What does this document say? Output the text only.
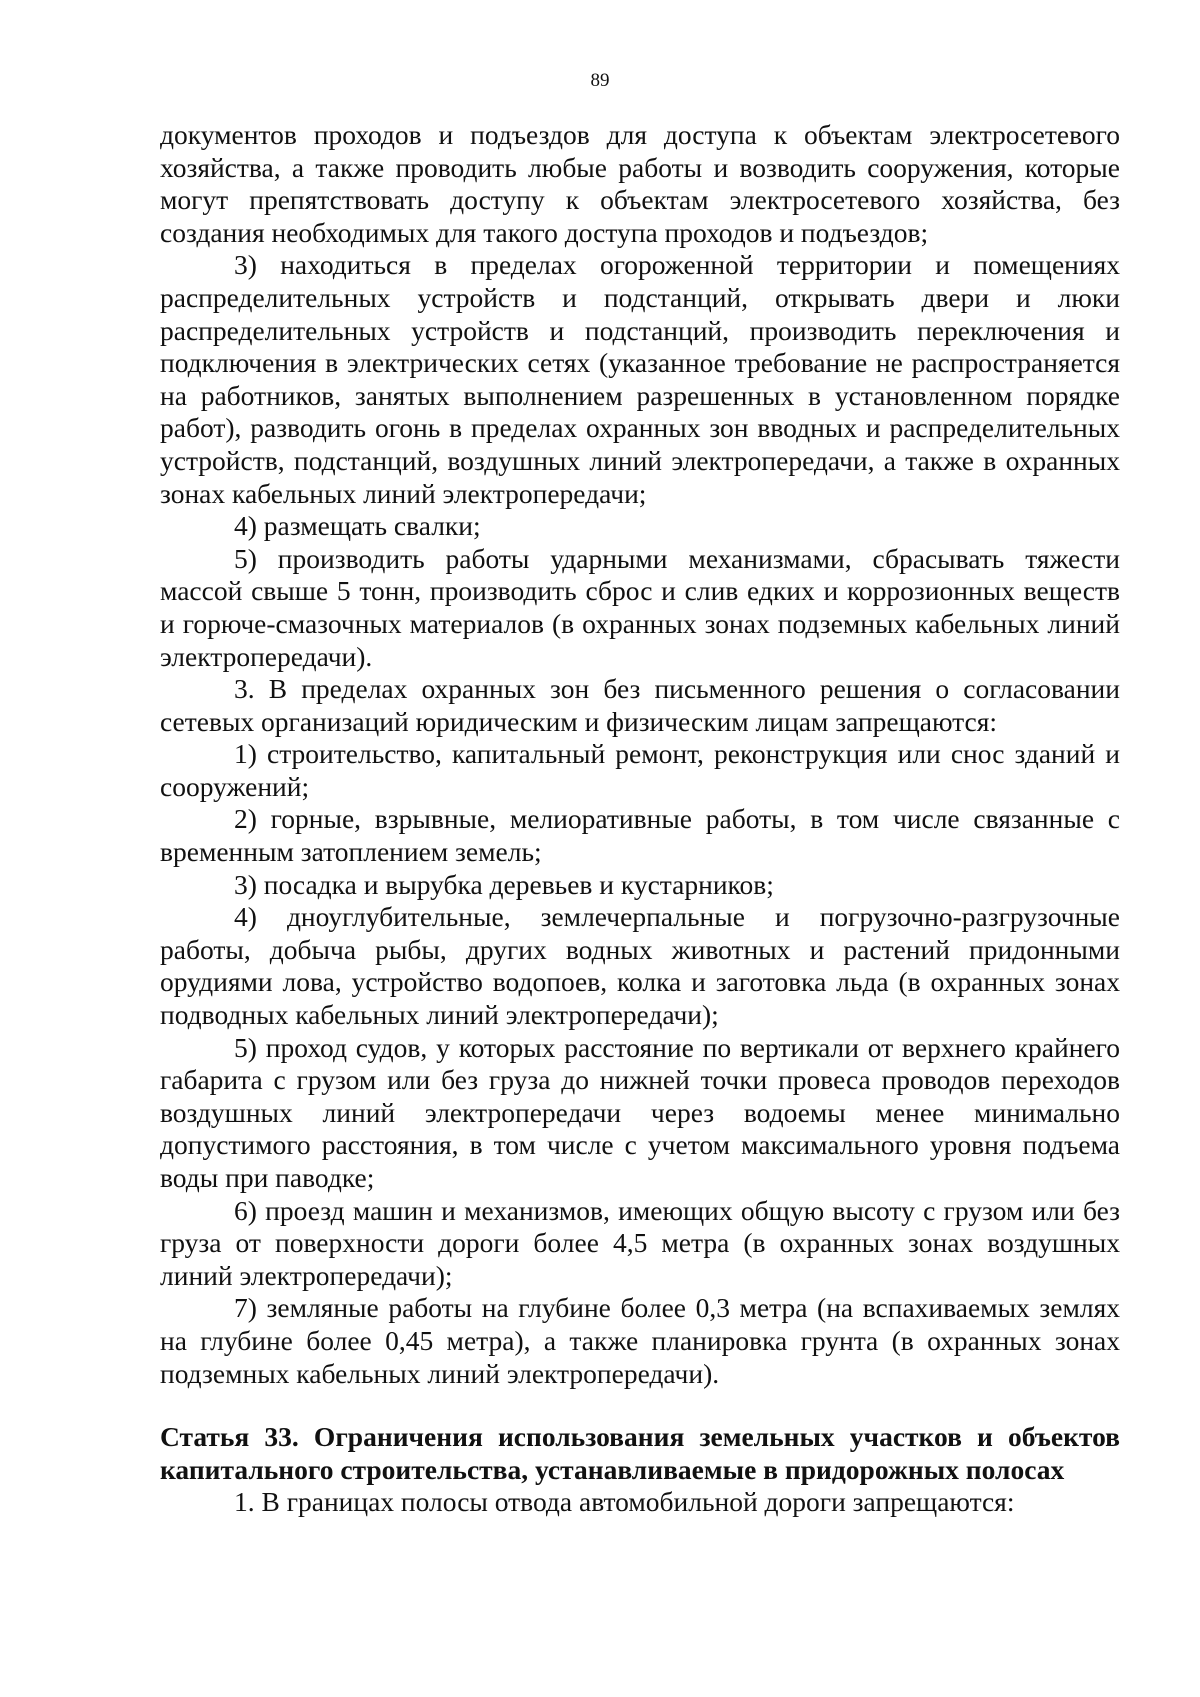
89

документов проходов и подъездов для доступа к объектам электросетевого хозяйства, а также проводить любые работы и возводить сооружения, которые могут препятствовать доступу к объектам электросетевого хозяйства, без создания необходимых для такого доступа проходов и подъездов;

3) находиться в пределах огороженной территории и помещениях распределительных устройств и подстанций, открывать двери и люки распределительных устройств и подстанций, производить переключения и подключения в электрических сетях (указанное требование не распространяется на работников, занятых выполнением разрешенных в установленном порядке работ), разводить огонь в пределах охранных зон вводных и распределительных устройств, подстанций, воздушных линий электропередачи, а также в охранных зонах кабельных линий электропередачи;

4) размещать свалки;

5) производить работы ударными механизмами, сбрасывать тяжести массой свыше 5 тонн, производить сброс и слив едких и коррозионных веществ и горюче-смазочных материалов (в охранных зонах подземных кабельных линий электропередачи).

3. В пределах охранных зон без письменного решения о согласовании сетевых организаций юридическим и физическим лицам запрещаются:

1) строительство, капитальный ремонт, реконструкция или снос зданий и сооружений;

2) горные, взрывные, мелиоративные работы, в том числе связанные с временным затоплением земель;

3) посадка и вырубка деревьев и кустарников;

4) дноуглубительные, землечерпальные и погрузочно-разгрузочные работы, добыча рыбы, других водных животных и растений придонными орудиями лова, устройство водопоев, колка и заготовка льда (в охранных зонах подводных кабельных линий электропередачи);

5) проход судов, у которых расстояние по вертикали от верхнего крайнего габарита с грузом или без груза до нижней точки провеса проводов переходов воздушных линий электропередачи через водоемы менее минимально допустимого расстояния, в том числе с учетом максимального уровня подъема воды при паводке;

6) проезд машин и механизмов, имеющих общую высоту с грузом или без груза от поверхности дороги более 4,5 метра (в охранных зонах воздушных линий электропередачи);

7) земляные работы на глубине более 0,3 метра (на вспахиваемых землях на глубине более 0,45 метра), а также планировка грунта (в охранных зонах подземных кабельных линий электропередачи).

Статья 33. Ограничения использования земельных участков и объектов капитального строительства, устанавливаемые в придорожных полосах

1. В границах полосы отвода автомобильной дороги запрещаются:
